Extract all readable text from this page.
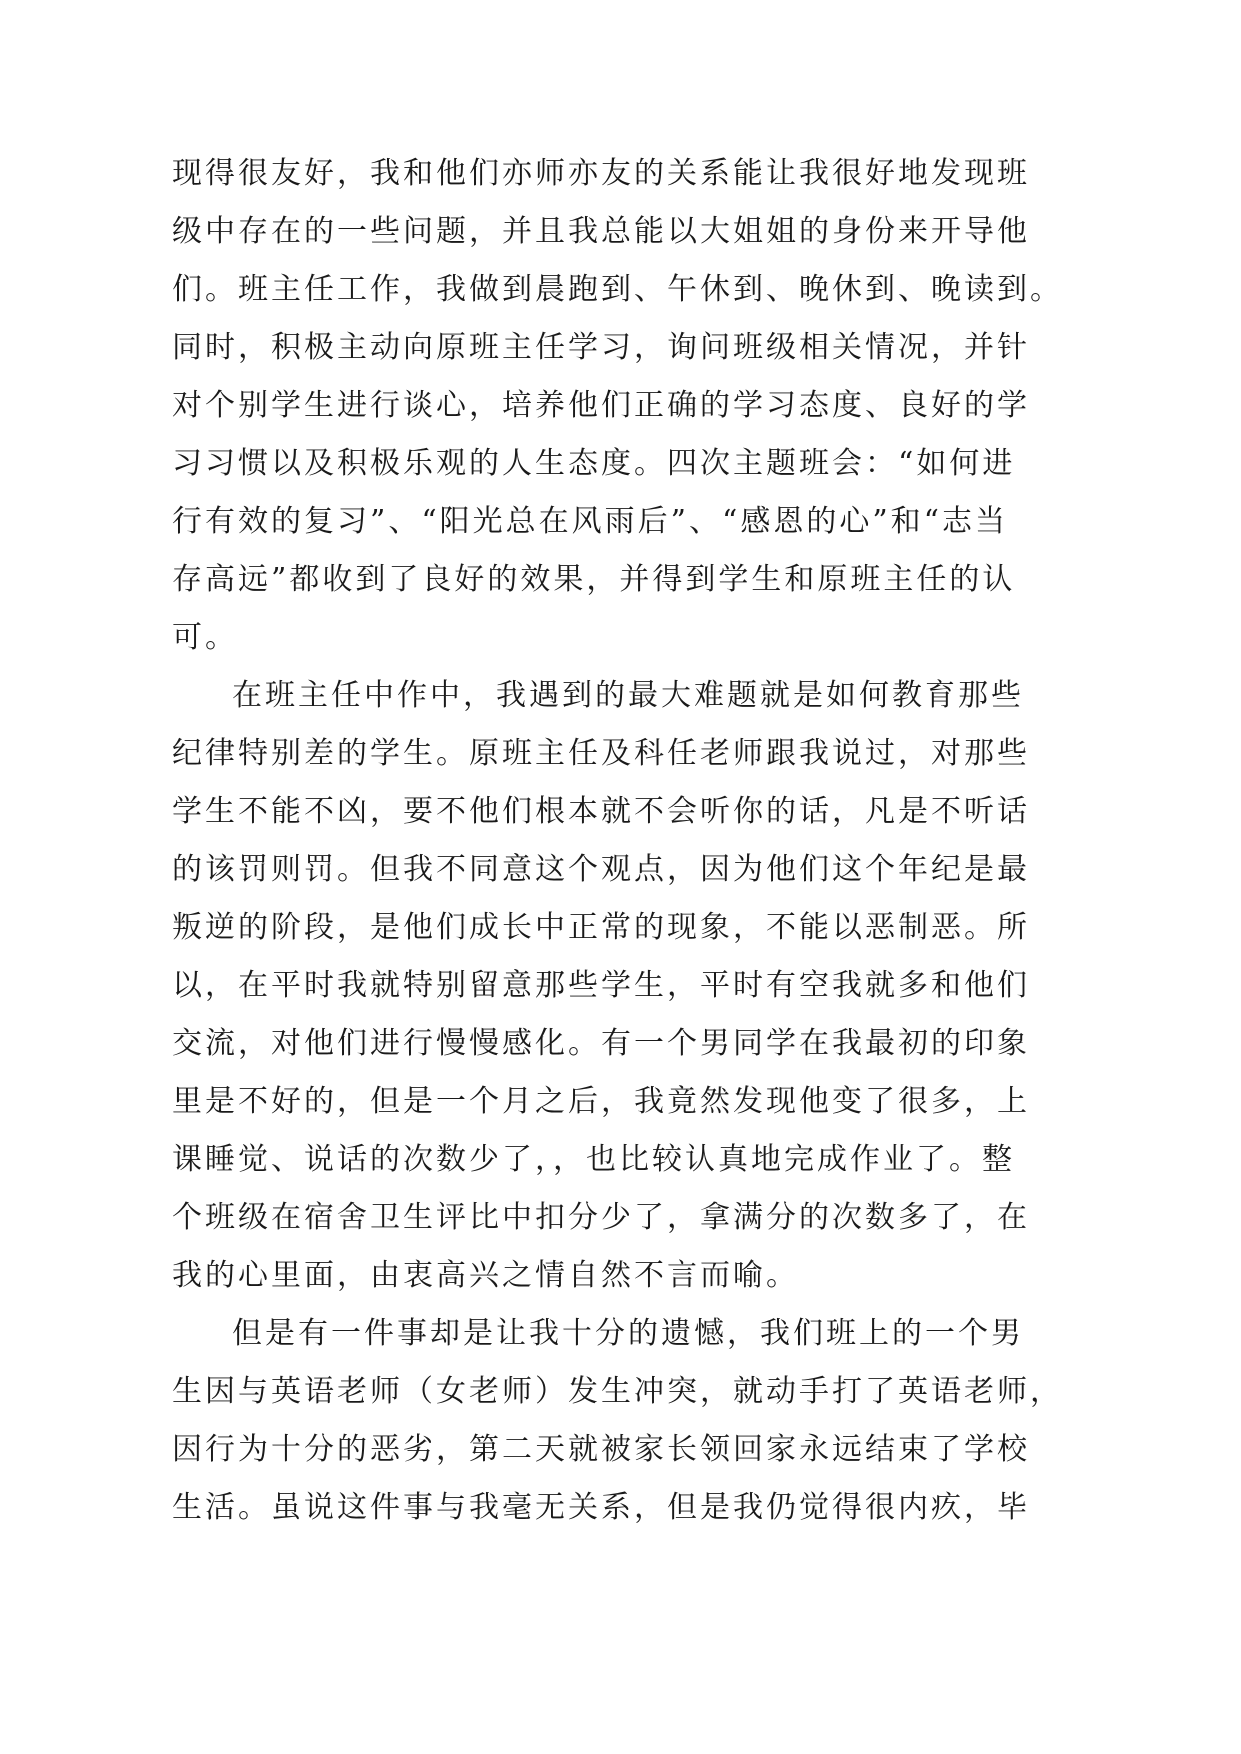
现得很友好，我和他们亦师亦友的关系能让我很好地发现班
级中存在的一些问题，并且我总能以大姐姐的身份来开导他
们。班主任工作，我做到晨跑到、午休到、晚休到、晚读到。
同时，积极主动向原班主任学习，询问班级相关情况，并针
对个别学生进行谈心，培养他们正确的学习态度、良好的学
习习惯以及积极乐观的人生态度。四次主题班会：“如何进
行有效的复习”、“阳光总在风雨后”、“感恩的心”和“志当
存高远”都收到了良好的效果，并得到学生和原班主任的认
可。
在班主任中作中，我遇到的最大难题就是如何教育那些
纪律特别差的学生。原班主任及科任老师跟我说过，对那些
学生不能不凶，要不他们根本就不会听你的话，凡是不听话
的该罚则罚。但我不同意这个观点，因为他们这个年纪是最
叛逆的阶段，是他们成长中正常的现象，不能以恶制恶。所
以，在平时我就特别留意那些学生，平时有空我就多和他们
交流，对他们进行慢慢感化。有一个男同学在我最初的印象
里是不好的，但是一个月之后，我竟然发现他变了很多，上
课睡觉、说话的次数少了，，也比较认真地完成作业了。整
个班级在宿舍卫生评比中扣分少了，拿满分的次数多了，在
我的心里面，由衷高兴之情自然不言而喻。
但是有一件事却是让我十分的遗憾，我们班上的一个男
生因与英语老师（女老师）发生冲突，就动手打了英语老师，
因行为十分的恶劣，第二天就被家长领回家永远结束了学校
生活。虽说这件事与我毫无关系，但是我仍觉得很内疚，毕
